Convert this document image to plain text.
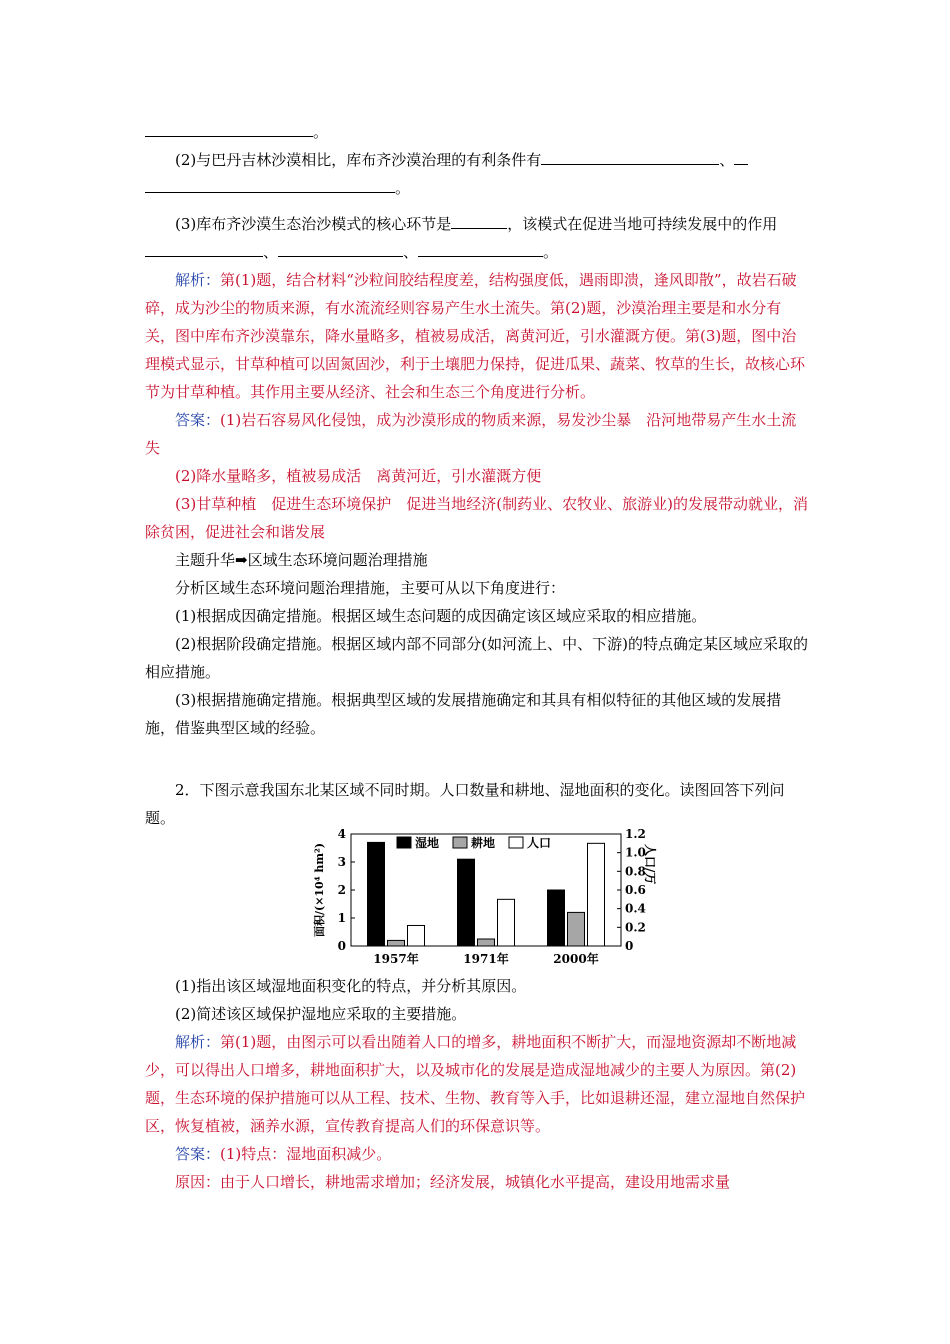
。

(2)与巴丹吉林沙漠相比，库布齐沙漠治理的有利条件有	、
。

(3)库布齐沙漠生态治沙模式的核心环节是	，该模式在促进当地可持续发展中的作用、	、	。

解析：第(1)题，结合材料“沙粒间胶结程度差，结构强度低，遇雨即溃，逢风即散”，故岩石破碎，成为沙尘的物质来源，有水流流经则容易产生水土流失。第(2)题，沙漠治理主要是和水分有关，图中库布齐沙漠靠东，降水量略多，植被易成活，离黄河近，引水灌溉方便。第(3)题，图中治理模式显示，甘草种植可以固氮固沙，利于土壤肥力保持，促进瓜果、蔬菜、牧草的生长，故核心环节为甘草种植。其作用主要从经济、社会和生态三个角度进行分析。

答案：(1)岩石容易风化侵蚀，成为沙漠形成的物质来源，易发沙尘暴　沿河地带易产生水土流失

(2)降水量略多，植被易成活　离黄河近，引水灌溉方便

(3)甘草种植　促进生态环境保护　促进当地经济(制药业、农牧业、旅游业)的发展带动就业，消除贫困，促进社会和谐发展

主题升华➡区域生态环境问题治理措施

分析区域生态环境问题治理措施，主要可从以下角度进行：

(1)根据成因确定措施。根据区域生态问题的成因确定该区域应采取的相应措施。

(2)根据阶段确定措施。根据区域内部不同部分(如河流上、中、下游)的特点确定某区域应采取的相应措施。

(3)根据措施确定措施。根据典型区域的发展措施确定和其具有相似特征的其他区域的发展措施，借鉴典型区域的经验。

2．下图示意我国东北某区域不同时期。人口数量和耕地、湿地面积的变化。读图回答下列问题。

0
1
2
3
4
0
0.2
0.4
0.6
0.8
1.0
1.2
1957年	1971年	2000年
湿地	耕地	人口
面积/(×10⁴ hm²)	人口/万

(1)指出该区域湿地面积变化的特点，并分析其原因。

(2)简述该区域保护湿地应采取的主要措施。

解析：第(1)题，由图示可以看出随着人口的增多，耕地面积不断扩大，而湿地资源却不断地减少，可以得出人口增多，耕地面积扩大，以及城市化的发展是造成湿地减少的主要人为原因。第(2)题，生态环境的保护措施可以从工程、技术、生物、教育等入手，比如退耕还湿，建立湿地自然保护区，恢复植被，涵养水源，宣传教育提高人们的环保意识等。

答案：(1)特点：湿地面积减少。

原因：由于人口增长，耕地需求增加；经济发展，城镇化水平提高，建设用地需求量
